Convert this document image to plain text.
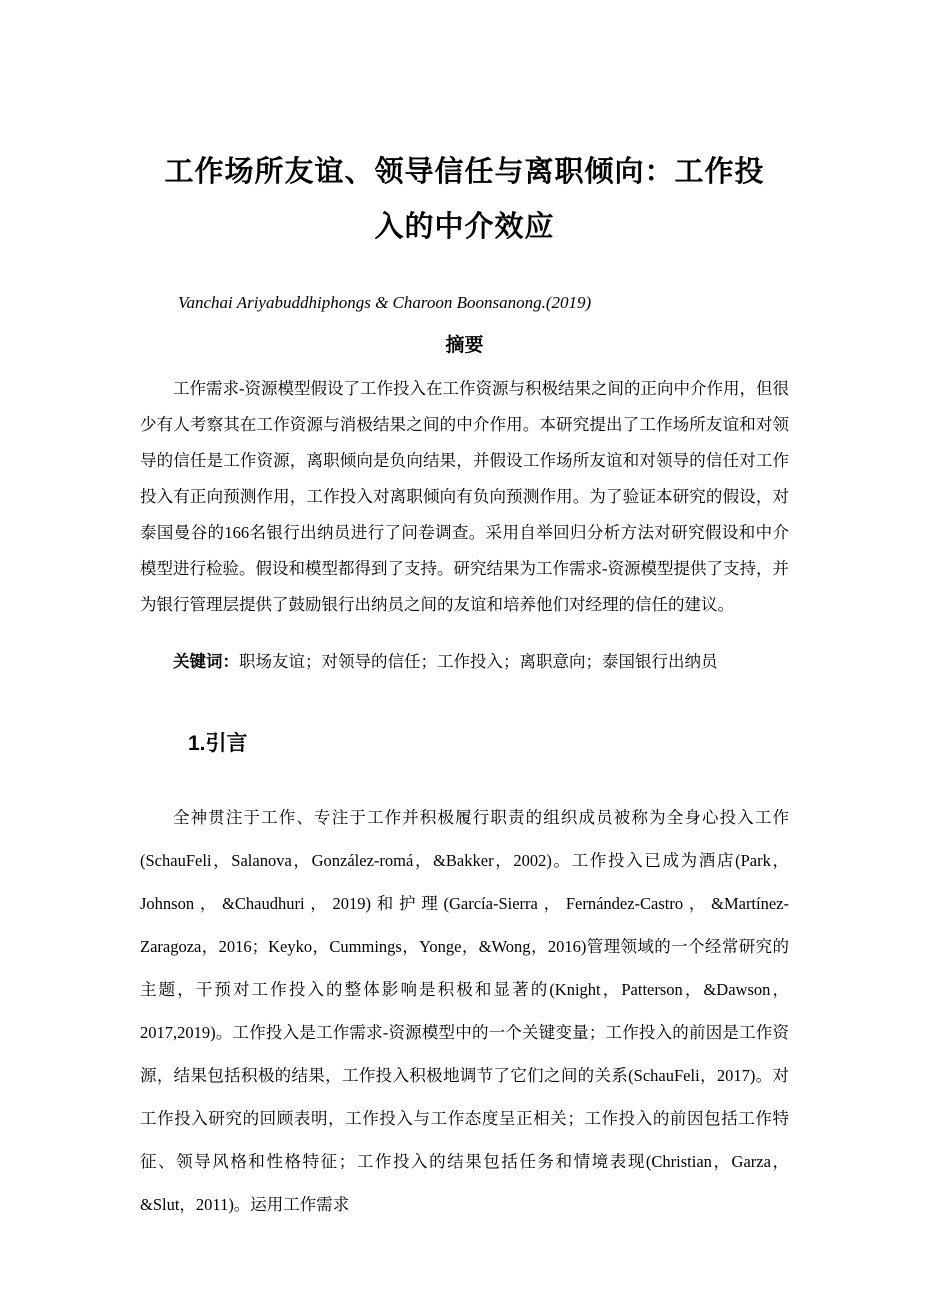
工作场所友谊、领导信任与离职倾向：工作投
入的中介效应
Vanchai Ariyabuddhiphongs & Charoon Boonsanong.(2019)
摘要

工作需求-资源模型假设了工作投入在工作资源与积极结果之间的正向中介作用，但很少有人考察其在工作资源与消极结果之间的中介作用。本研究提出了工作场所友谊和对领导的信任是工作资源，离职倾向是负向结果，并假设工作场所友谊和对领导的信任对工作投入有正向预测作用，工作投入对离职倾向有负向预测作用。为了验证本研究的假设，对泰国曼谷的166名银行出纳员进行了问卷调查。采用自举回归分析方法对研究假设和中介模型进行检验。假设和模型都得到了支持。研究结果为工作需求-资源模型提供了支持，并为银行管理层提供了鼓励银行出纳员之间的友谊和培养他们对经理的信任的建议。

关键词：职场友谊；对领导的信任；工作投入；离职意向；泰国银行出纳员

1.引言

全神贯注于工作、专注于工作并积极履行职责的组织成员被称为全身心投入工作(SchauFeli，Salanova，González-romá，&Bakker，2002)。工作投入已成为酒店(Park，Johnson，&Chaudhuri，2019)和护理(García-Sierra，Fernández-Castro，&Martínez-Zaragoza，2016；Keyko，Cummings，Yonge，&Wong，2016)管理领域的一个经常研究的主题，干预对工作投入的整体影响是积极和显著的(Knight，Patterson，&Dawson，2017,2019)。工作投入是工作需求-资源模型中的一个关键变量；工作投入的前因是工作资源，结果包括积极的结果，工作投入积极地调节了它们之间的关系(SchauFeli，2017)。对工作投入研究的回顾表明，工作投入与工作态度呈正相关；工作投入的前因包括工作特征、领导风格和性格特征；工作投入的结果包括任务和情境表现(Christian，Garza，&Slut，2011)。运用工作需求
